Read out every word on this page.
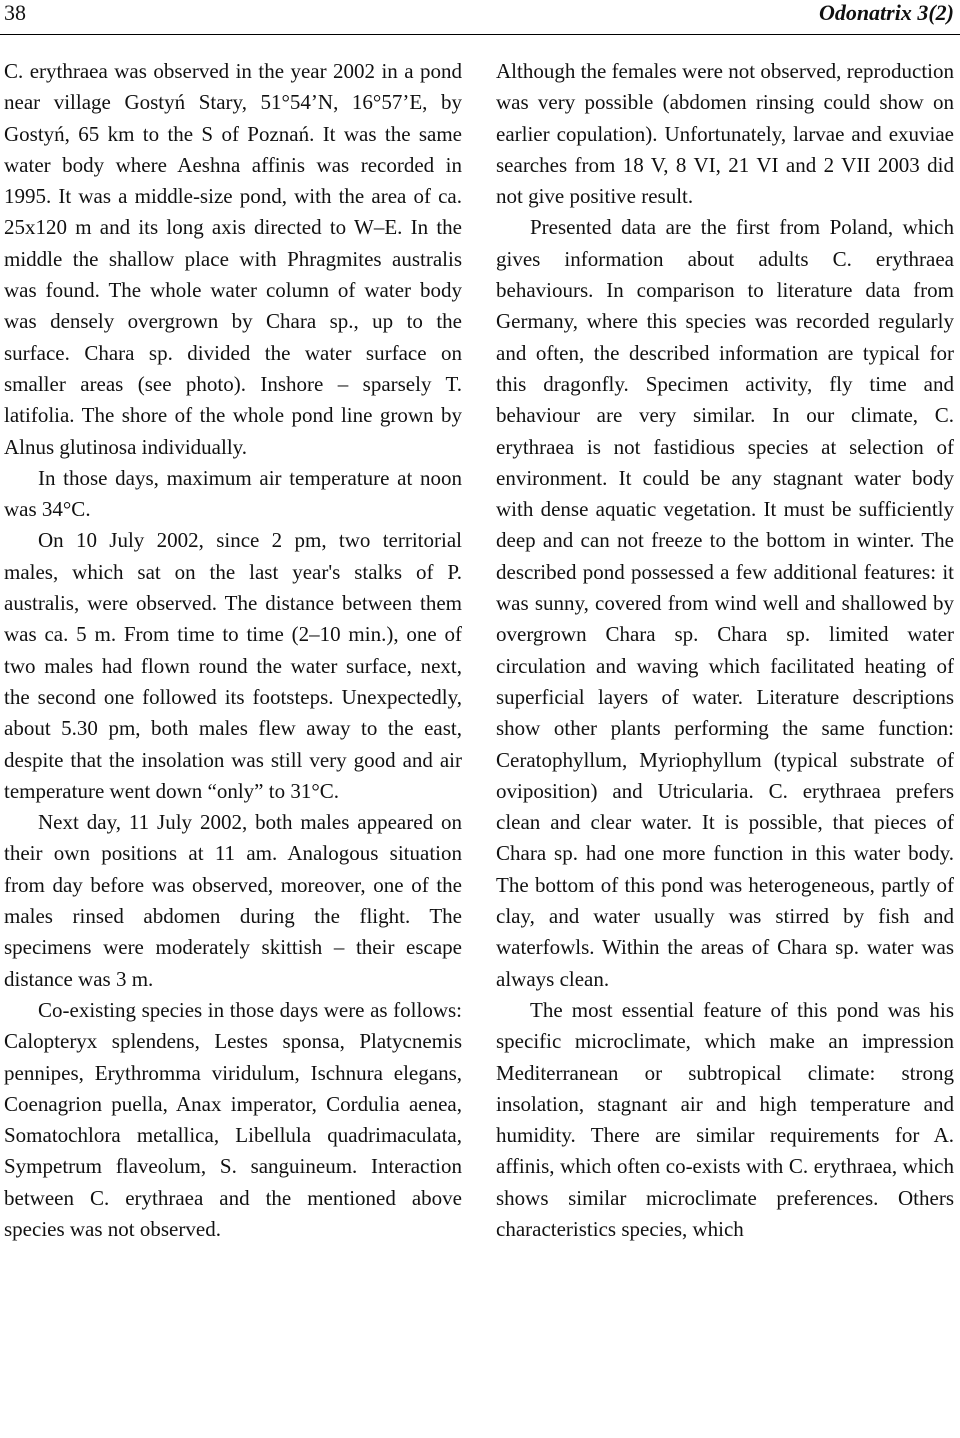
38	Odonatrix 3(2)

C. erythraea was observed in the year 2002 in a pond near village Gostyń Stary, 51°54’N, 16°57’E, by Gostyń, 65 km to the S of Poznań. It was the same water body where Aeshna affinis was recorded in 1995. It was a middle-size pond, with the area of ca. 25x120 m and its long axis directed to W–E. In the middle the shallow place with Phragmites australis was found. The whole water column of water body was densely overgrown by Chara sp., up to the surface. Chara sp. divided the water surface on smaller areas (see photo). Inshore – sparsely T. latifolia. The shore of the whole pond line grown by Alnus glutinosa individually.

In those days, maximum air temperature at noon was 34°C.

On 10 July 2002, since 2 pm, two territorial males, which sat on the last year's stalks of P. australis, were observed. The distance between them was ca. 5 m. From time to time (2–10 min.), one of two males had flown round the water surface, next, the second one followed its footsteps. Unexpectedly, about 5.30 pm, both males flew away to the east, despite that the insolation was still very good and air temperature went down “only” to 31°C.

Next day, 11 July 2002, both males appeared on their own positions at 11 am. Analogous situation from day before was observed, moreover, one of the males rinsed abdomen during the flight. The specimens were moderately skittish – their escape distance was 3 m.

Co-existing species in those days were as follows: Calopteryx splendens, Lestes sponsa, Platycnemis pennipes, Erythromma viridulum, Ischnura elegans, Coenagrion puella, Anax imperator, Cordulia aenea, Somatochlora metallica, Libellula quadrimaculata, Sympetrum flaveolum, S. sanguineum. Interaction between C. erythraea and the mentioned above species was not observed.

Although the females were not observed, reproduction was very possible (abdomen rinsing could show on earlier copulation). Unfortunately, larvae and exuviae searches from 18 V, 8 VI, 21 VI and 2 VII 2003 did not give positive result.

Presented data are the first from Poland, which gives information about adults C. erythraea behaviours. In comparison to literature data from Germany, where this species was recorded regularly and often, the described information are typical for this dragonfly. Specimen activity, fly time and behaviour are very similar. In our climate, C. erythraea is not fastidious species at selection of environment. It could be any stagnant water body with dense aquatic vegetation. It must be sufficiently deep and can not freeze to the bottom in winter. The described pond possessed a few additional features: it was sunny, covered from wind well and shallowed by overgrown Chara sp. Chara sp. limited water circulation and waving which facilitated heating of superficial layers of water. Literature descriptions show other plants performing the same function: Ceratophyllum, Myriophyllum (typical substrate of oviposition) and Utricularia. C. erythraea prefers clean and clear water. It is possible, that pieces of Chara sp. had one more function in this water body. The bottom of this pond was heterogeneous, partly of clay, and water usually was stirred by fish and waterfowls. Within the areas of Chara sp. water was always clean.

The most essential feature of this pond was his specific microclimate, which make an impression Mediterranean or subtropical climate: strong insolation, stagnant air and high temperature and humidity. There are similar requirements for A. affinis, which often co-exists with C. erythraea, which shows similar microclimate preferences. Others characteristics species, which
